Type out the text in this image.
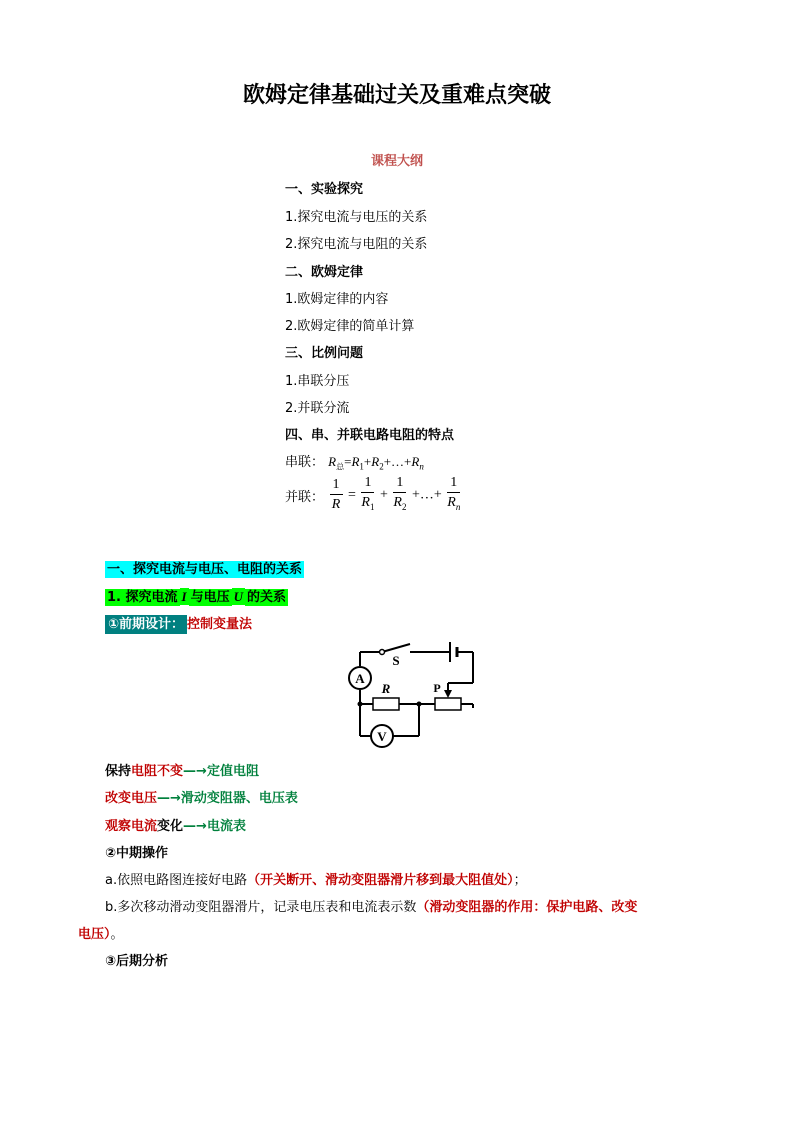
欧姆定律基础过关及重难点突破
课程大纲
一、实验探究
1.探究电流与电压的关系
2.探究电流与电阻的关系
二、欧姆定律
1.欧姆定律的内容
2.欧姆定律的简单计算
三、比例问题
1.串联分压
2.并联分流
四、串、并联电路电阻的特点
串联： $R_总=R_1+R_2+\dots+R_n$
并联： $\frac{1}{R} = \frac{1}{R_1} + \frac{1}{R_2}$ +…+ $\frac{1}{R_n}$
一、探究电流与电压、电阻的关系
1. 探究电流 I 与电压 U 的关系
①前期设计： 控制变量法
A
V
S
R	P
保持电阻不变—→定值电阻
改变电压—→滑动变阻器、电压表
观察电流变化—→电流表
②中期操作
a.依照电路图连接好电路（开关断开、滑动变阻器滑片移到最大阻值处）；
b.多次移动滑动变阻器滑片，记录电压表和电流表示数（滑动变阻器的作用：保护电路、改变
电压）。
③后期分析
